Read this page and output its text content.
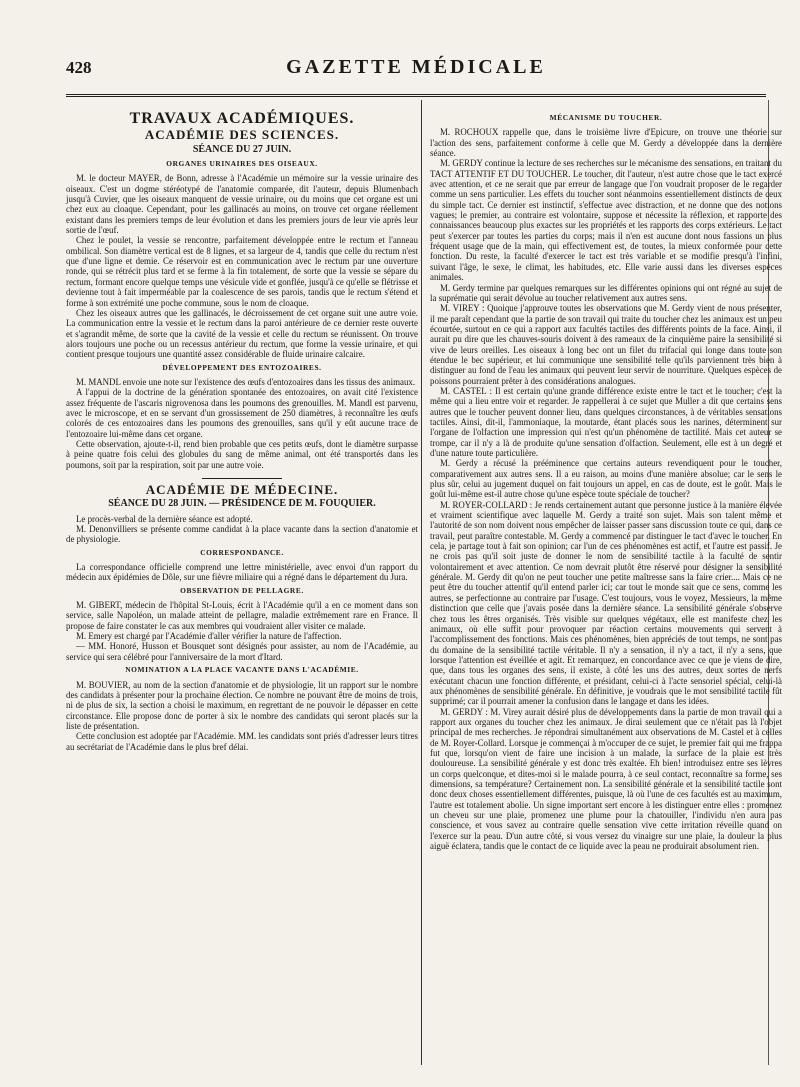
428	GAZETTE MÉDICALE
TRAVAUX ACADÉMIQUES.
ACADÉMIE DES SCIENCES.
SÉANCE DU 27 JUIN.
ORGANES URINAIRES DES OISEAUX.

M. le docteur MAYER, de Bonn, adresse à l'Académie un mémoire sur la vessie urinaire des oiseaux. C'est un dogme stéréotypé de l'anatomie comparée, dit l'auteur, depuis Blumenbach jusqu'à Cuvier, que les oiseaux manquent de vessie urinaire, ou du moins que cet organe est uni chez eux au cloaque. Cependant, pour les gallinacés au moins, on trouve cet organe réellement existant dans les premiers temps de leur évolution et dans les premiers jours de leur vie après leur sortie de l'œuf.

Chez le poulet, la vessie se rencontre, parfaitement développée entre le rectum et l'anneau ombilical. Son diamètre vertical est de 8 lignes, et sa largeur de 4, tandis que celle du rectum n'est que d'une ligne et demie. Ce réservoir est en communication avec le rectum par une ouverture ronde, qui se rétrécit plus tard et se ferme à la fin totalement, de sorte que la vessie se sépare du rectum, formant encore quelque temps une vésicule vide et gonflée, jusqu'à ce qu'elle se flétrisse et devienne tout à fait imperméable par la coalescence de ses parois, tandis que le rectum s'étend et forme à son extrémité une poche commune, sous le nom de cloaque.

Chez les oiseaux autres que les gallinacés, le décroissement de cet organe suit une autre voie. La communication entre la vessie et le rectum dans la paroi antérieure de ce dernier reste ouverte et s'agrandit même, de sorte que la cavité de la vessie et celle du rectum se réunissent. On trouve alors toujours une poche ou un recessus antérieur du rectum, que forme la vessie urinaire, et qui contient presque toujours une quantité assez considérable de fluide urinaire calcaire.

DÉVELOPPEMENT DES ENTOZOAIRES.

M. MANDL envoie une note sur l'existence des œufs d'entozoaires dans les tissus des animaux.

A l'appui de la doctrine de la génération spontanée des entozoaires, on avait cité l'existence assez fréquente de l'ascaris nigrovenosa dans les poumons des grenouilles. M. Mandl est parvenu, avec le microscope, et en se servant d'un grossissement de 250 diamètres, à reconnaître les œufs colorés de ces entozoaires dans les poumons des grenouilles, sans qu'il y eût aucune trace de l'entozoaire lui-même dans cet organe.

Cette observation, ajoute-t-il, rend bien probable que ces petits œufs, dont le diamètre surpasse à peine quatre fois celui des globules du sang de même animal, ont été transportés dans les poumons, soit par la respiration, soit par une autre voie.

ACADÉMIE DE MÉDECINE.
SÉANCE DU 28 JUIN. — PRÉSIDENCE DE M. FOUQUIER.

Le procès-verbal de la dernière séance est adopté.

M. Denonvilliers se présente comme candidat à la place vacante dans la section d'anatomie et de physiologie.

CORRESPONDANCE.

La correspondance officielle comprend une lettre ministérielle, avec envoi d'un rapport du médecin aux épidémies de Dôle, sur une fièvre miliaire qui a régné dans le département du Jura.

OBSERVATION DE PELLAGRE.

M. GIBERT, médecin de l'hôpital St-Louis, écrit à l'Académie qu'il a en ce moment dans son service, salle Napoléon, un malade atteint de pellagre, maladie extrêmement rare en France. Il propose de faire constater le cas aux membres qui voudraient aller visiter ce malade.

M. Emery est chargé par l'Académie d'aller vérifier la nature de l'affection.

— MM. Honoré, Husson et Bousquet sont désignés pour assister, au nom de l'Académie, au service qui sera célébré pour l'anniversaire de la mort d'Itard.

NOMINATION A LA PLACE VACANTE DANS L'ACADÉMIE.

M. BOUVIER, au nom de la section d'anatomie et de physiologie, lit un rapport sur le nombre des candidats à présenter pour la prochaine élection. Ce nombre ne pouvant être de moins de trois, ni de plus de six, la section a choisi le maximum, en regrettant de ne pouvoir le dépasser en cette circonstance. Elle propose donc de porter à six le nombre des candidats qui seront placés sur la liste de présentation.

Cette conclusion est adoptée par l'Académie. MM. les candidats sont priés d'adresser leurs titres au secrétariat de l'Académie dans le plus bref délai.

MÉCANISME DU TOUCHER.

M. ROCHOUX rappelle que, dans le troisième livre d'Epicure, on trouve une théorie sur l'action des sens, parfaitement conforme à celle que M. Gerdy a développée dans la dernière séance.

M. GERDY continue la lecture de ses recherches sur le mécanisme des sensations, en traitant du TACT ATTENTIF ET DU TOUCHER. Le toucher, dit l'auteur, n'est autre chose que le tact exercé avec attention, et ce ne serait que par erreur de langage que l'on voudrait proposer de le regarder comme un sens particulier. Les effets du toucher sont néanmoins essentiellement distincts de ceux du simple tact. Ce dernier est instinctif, s'effectue avec distraction, et ne donne que des notions vagues; le premier, au contraire est volontaire, suppose et nécessite la réflexion, et rapporte des connaissances beaucoup plus exactes sur les propriétés et les rapports des corps extérieurs. Le tact peut s'exercer par toutes les parties du corps; mais il n'en est aucune dont nous fassions un plus fréquent usage que de la main, qui effectivement est, de toutes, la mieux conformée pour cette fonction. Du reste, la faculté d'exercer le tact est très variable et se modifie presqu'à l'infini, suivant l'âge, le sexe, le climat, les habitudes, etc. Elle varie aussi dans les diverses espèces animales.

M. Gerdy termine par quelques remarques sur les différentes opinions qui ont régné au sujet de la suprématie qui serait dévolue au toucher relativement aux autres sens.

M. VIREY : Quoique j'approuve toutes les observations que M. Gerdy vient de nous présenter, il me paraît cependant que la partie de son travail qui traite du toucher chez les animaux est un peu écourtée, surtout en ce qui a rapport aux facultés tactiles des différents points de la face. Ainsi, il aurait pu dire que les chauves-souris doivent à des rameaux de la cinquième paire la sensibilité si vive de leurs oreilles. Les oiseaux à long bec ont un filet du trifacial qui longe dans toute son étendue le bec supérieur, et lui communique une sensibilité telle qu'ils parviennent très bien à distinguer au fond de l'eau les animaux qui peuvent leur servir de nourriture. Quelques espèces de poissons pourraient prêter à des considérations analogues.

M. CASTEL : Il est certain qu'une grande différence existe entre le tact et le toucher; c'est la même qui a lieu entre voir et regarder. Je rappellerai à ce sujet que Muller a dit que certains sens autres que le toucher peuvent donner lieu, dans quelques circonstances, à de véritables sensations tactiles. Ainsi, dit-il, l'ammoniaque, la moutarde, étant placés sous les narines, déterminent sur l'organe de l'olfaction une impression qui n'est qu'un phénomène de tactilité. Mais cet auteur se trompe, car il n'y a là de produite qu'une sensation d'olfaction. Seulement, elle est à un degré et d'une nature toute particulière.

M. Gerdy a récusé la prééminence que certains auteurs revendiquent pour le toucher, comparativement aux autres sens. Il a eu raison, au moins d'une manière absolue; car le sens le plus sûr, celui au jugement duquel on fait toujours un appel, en cas de doute, est le goût. Mais le goût lui-même est-il autre chose qu'une espèce toute spéciale de toucher?

M. ROYER-COLLARD : Je rends certainement autant que personne justice à la manière élevée et vraiment scientifique avec laquelle M. Gerdy a traité son sujet. Mais son talent même et l'autorité de son nom doivent nous empêcher de laisser passer sans discussion toute ce qui, dans ce travail, peut paraître contestable. M. Gerdy a commencé par distinguer le tact d'avec le toucher. En cela, je partage tout à fait son opinion; car l'un de ces phénomènes est actif, et l'autre est passif. Je ne crois pas qu'il soit juste de donner le nom de sensibilité tactile à la faculté de sentir volontairement et avec attention. Ce nom devrait plutôt être réservé pour désigner la sensibilité générale. M. Gerdy dit qu'on ne peut toucher une petite maîtresse sans la faire crier.... Mais ce ne peut être du toucher attentif qu'il entend parler ici; car tout le monde sait que ce sens, comme les autres, se perfectionne au contraire par l'usage. C'est toujours, vous le voyez, Messieurs, la même distinction que celle que j'avais posée dans la dernière séance. La sensibilité générale s'observe chez tous les êtres organisés. Très visible sur quelques végétaux, elle est manifeste chez les animaux, où elle suffit pour provoquer par réaction certains mouvements qui servent à l'accomplissement des fonctions. Mais ces phénomènes, bien appréciés de tout temps, ne sont pas du domaine de la sensibilité tactile véritable. Il n'y a sensation, il n'y a tact, il n'y a sens, que lorsque l'attention est éveillée et agit. Et remarquez, en concordance avec ce que je viens de dire, que, dans tous les organes des sens, il existe, à côté les uns des autres, deux sortes de nerfs exécutant chacun une fonction différente, et présidant, celui-ci à l'acte sensoriel spécial, celui-là aux phénomènes de sensibilité générale. En définitive, je voudrais que le mot sensibilité tactile fût supprimé; car il pourrait amener la confusion dans le langage et dans les idées.

M. GERDY : M. Virey aurait désiré plus de développements dans la partie de mon travail qui a rapport aux organes du toucher chez les animaux. Je dirai seulement que ce n'était pas là l'objet principal de mes recherches. Je répondrai simultanément aux observations de M. Castel et à celles de M. Royer-Collard. Lorsque je commençai à m'occuper de ce sujet, le premier fait qui me frappa fut que, lorsqu'on vient de faire une incision à un malade, la surface de la plaie est très douloureuse. La sensibilité générale y est donc très exaltée. Eh bien! introduisez entre ses lèvres un corps quelconque, et dites-moi si le malade pourra, à ce seul contact, reconnaître sa forme, ses dimensions, sa température? Certainement non. La sensibilité générale et la sensibilité tactile sont donc deux choses essentiellement différentes, puisque, là où l'une de ces facultés est au maximum, l'autre est totalement abolie. Un signe important sert encore à les distinguer entre elles : promenez un cheveu sur une plaie, promenez une plume pour la chatouiller, l'individu n'en aura pas conscience, et vous savez au contraire quelle sensation vive cette irritation réveille quand on l'exerce sur la peau. D'un autre côté, si vous versez du vinaigre sur une plaie, la douleur la plus aiguë éclatera, tandis que le contact de ce liquide avec la peau ne produirait absolument rien.
